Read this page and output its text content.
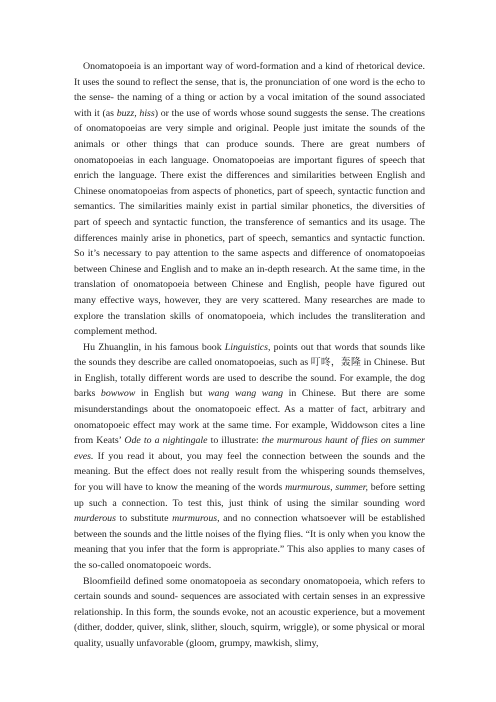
Onomatopoeia is an important way of word-formation and a kind of rhetorical device. It uses the sound to reflect the sense, that is, the pronunciation of one word is the echo to the sense- the naming of a thing or action by a vocal imitation of the sound associated with it (as buzz, hiss) or the use of words whose sound suggests the sense. The creations of onomatopoeias are very simple and original. People just imitate the sounds of the animals or other things that can produce sounds. There are great numbers of onomatopoeias in each language. Onomatopoeias are important figures of speech that enrich the language. There exist the differences and similarities between English and Chinese onomatopoeias from aspects of phonetics, part of speech, syntactic function and semantics. The similarities mainly exist in partial similar phonetics, the diversities of part of speech and syntactic function, the transference of semantics and its usage. The differences mainly arise in phonetics, part of speech, semantics and syntactic function. So it’s necessary to pay attention to the same aspects and difference of onomatopoeias between Chinese and English and to make an in-depth research. At the same time, in the translation of onomatopoeia between Chinese and English, people have figured out many effective ways, however, they are very scattered. Many researches are made to explore the translation skills of onomatopoeia, which includes the transliteration and complement method.

Hu Zhuanglin, in his famous book Linguistics, points out that words that sounds like the sounds they describe are called onomatopoeias, such as 叮咚，轰隆 in Chinese. But in English, totally different words are used to describe the sound. For example, the dog barks bowwow in English but wang wang wang in Chinese. But there are some misunderstandings about the onomatopoeic effect. As a matter of fact, arbitrary and onomatopoeic effect may work at the same time. For example, Widdowson cites a line from Keats’ Ode to a nightingale to illustrate: the murmurous haunt of flies on summer eves. If you read it about, you may feel the connection between the sounds and the meaning. But the effect does not really result from the whispering sounds themselves, for you will have to know the meaning of the words murmurous, summer, before setting up such a connection. To test this, just think of using the similar sounding word murderous to substitute murmurous, and no connection whatsoever will be established between the sounds and the little noises of the flying flies. “It is only when you know the meaning that you infer that the form is appropriate.” This also applies to many cases of the so-called onomatopoeic words.

Bloomfieild defined some onomatopoeia as secondary onomatopoeia, which refers to certain sounds and sound- sequences are associated with certain senses in an expressive relationship. In this form, the sounds evoke, not an acoustic experience, but a movement (dither, dodder, quiver, slink, slither, slouch, squirm, wriggle), or some physical or moral quality, usually unfavorable (gloom, grumpy, mawkish, slimy,
